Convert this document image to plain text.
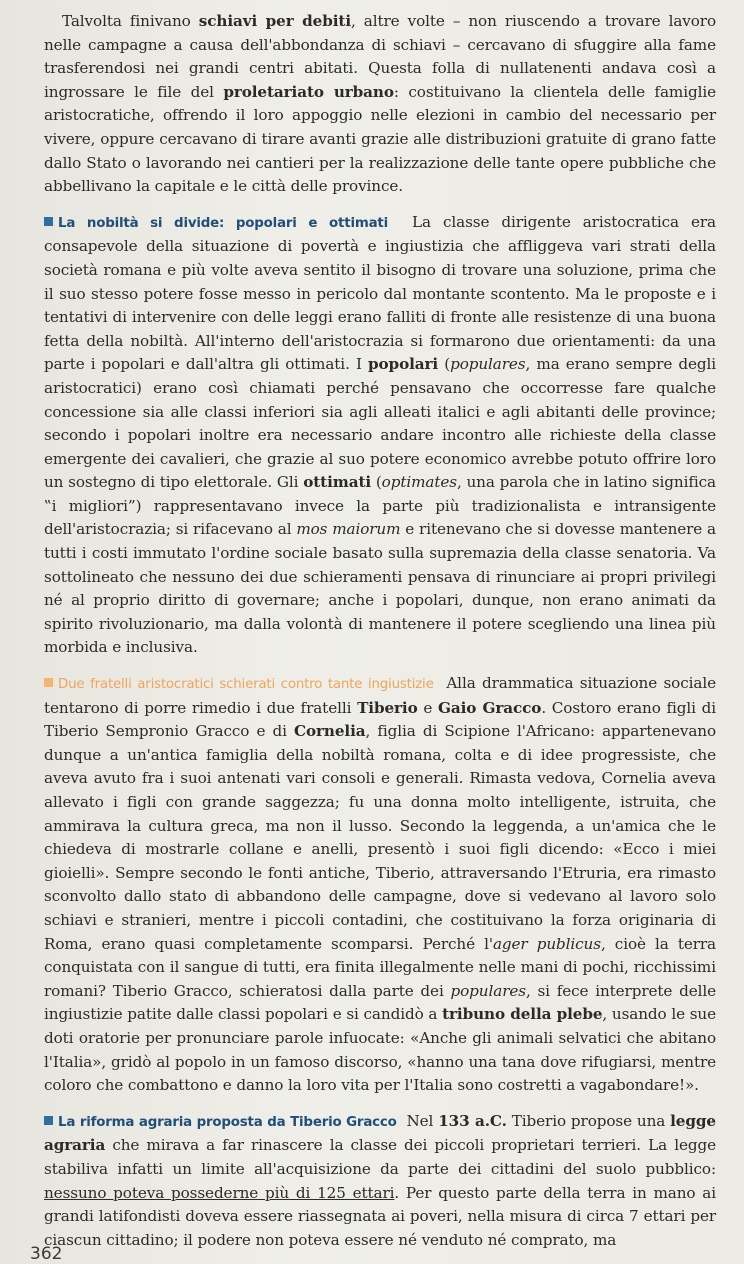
Talvolta finivano schiavi per debiti, altre volte – non riuscendo a trovare lavoro nelle campagne a causa dell'abbondanza di schiavi – cercavano di sfuggire alla fame trasferendosi nei grandi centri abitati. Questa folla di nullatenenti andava così a ingrossare le file del proletariato urbano: costituivano la clientela delle famiglie aristocratiche, offrendo il loro appoggio nelle elezioni in cambio del necessario per vivere, oppure cercavano di tirare avanti grazie alle distribuzioni gratuite di grano fatte dallo Stato o lavorando nei cantieri per la realizzazione delle tante opere pubbliche che abbellivano la capitale e le città delle province.

La nobiltà si divide: popolari e ottimati La classe dirigente aristocratica era consapevole della situazione di povertà e ingiustizia che affliggeva vari strati della società romana e più volte aveva sentito il bisogno di trovare una soluzione, prima che il suo stesso potere fosse messo in pericolo dal montante scontento. Ma le proposte e i tentativi di intervenire con delle leggi erano falliti di fronte alle resistenze di una buona fetta della nobiltà. All'interno dell'aristocrazia si formarono due orientamenti: da una parte i popolari e dall'altra gli ottimati. I popolari (populares, ma erano sempre degli aristocratici) erano così chiamati perché pensavano che occorresse fare qualche concessione sia alle classi inferiori sia agli alleati italici e agli abitanti delle province; secondo i popolari inoltre era necessario andare incontro alle richieste della classe emergente dei cavalieri, che grazie al suo potere economico avrebbe potuto offrire loro un sostegno di tipo elettorale. Gli ottimati (optimates, una parola che in latino significa ‟i migliori”) rappresentavano invece la parte più tradizionalista e intransigente dell'aristocrazia; si rifacevano al mos maiorum e ritenevano che si dovesse mantenere a tutti i costi immutato l'ordine sociale basato sulla supremazia della classe senatoria. Va sottolineato che nessuno dei due schieramenti pensava di rinunciare ai propri privilegi né al proprio diritto di governare; anche i popolari, dunque, non erano animati da spirito rivoluzionario, ma dalla volontà di mantenere il potere scegliendo una linea più morbida e inclusiva.

Due fratelli aristocratici schierati contro tante ingiustizie Alla drammatica situazione sociale tentarono di porre rimedio i due fratelli Tiberio e Gaio Gracco. Costoro erano figli di Tiberio Sempronio Gracco e di Cornelia, figlia di Scipione l'Africano: appartenevano dunque a un'antica famiglia della nobiltà romana, colta e di idee progressiste, che aveva avuto fra i suoi antenati vari consoli e generali. Rimasta vedova, Cornelia aveva allevato i figli con grande saggezza; fu una donna molto intelligente, istruita, che ammirava la cultura greca, ma non il lusso. Secondo la leggenda, a un'amica che le chiedeva di mostrarle collane e anelli, presentò i suoi figli dicendo: «Ecco i miei gioielli». Sempre secondo le fonti antiche, Tiberio, attraversando l'Etruria, era rimasto sconvolto dallo stato di abbandono delle campagne, dove si vedevano al lavoro solo schiavi e stranieri, mentre i piccoli contadini, che costituivano la forza originaria di Roma, erano quasi completamente scomparsi. Perché l'ager publicus, cioè la terra conquistata con il sangue di tutti, era finita illegalmente nelle mani di pochi, ricchissimi romani? Tiberio Gracco, schieratosi dalla parte dei populares, si fece interprete delle ingiustizie patite dalle classi popolari e si candidò a tribuno della plebe, usando le sue doti oratorie per pronunciare parole infuocate: «Anche gli animali selvatici che abitano l'Italia», gridò al popolo in un famoso discorso, «hanno una tana dove rifugiarsi, mentre coloro che combattono e danno la loro vita per l'Italia sono costretti a vagabondare!».

La riforma agraria proposta da Tiberio Gracco Nel 133 a.C. Tiberio propose una legge agraria che mirava a far rinascere la classe dei piccoli proprietari terrieri. La legge stabiliva infatti un limite all'acquisizione da parte dei cittadini del suolo pubblico: nessuno poteva possederne più di 125 ettari. Per questo parte della terra in mano ai grandi latifondisti doveva essere riassegnata ai poveri, nella misura di circa 7 ettari per ciascun cittadino; il podere non poteva essere né venduto né comprato, ma

362
